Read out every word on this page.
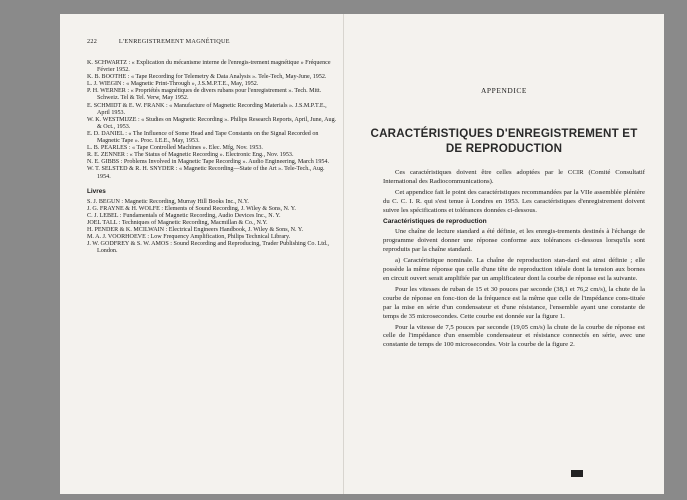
222	L'ENREGISTREMENT MAGNÉTIQUE
K. SCHWARTZ : « Explication du mécanisme interne de l'enregis-trement magnétique » Fréquence Février 1952.
K. B. BOOTHE : « Tape Recording for Telemetry & Data Analysis ». Tele-Tech, May-June, 1952.
L. J. WIEGIN : « Magnetic Print-Through », J.S.M.P.T.E., May, 1952.
P. H. WERNER : « Propriétés magnétiques de divers rubans pour l'enregistrement ». Tech. Mitt. Schweiz. Tel & Tel. Verw, May 1952.
E. SCHMIDT & E. W. FRANK : « Manufacture of Magnetic Recording Materials ». J.S.M.P.T.E., April 1953.
W. K. WESTMIJZE : « Studies on Magnetic Recording ». Philips Research Reports, April, June, Aug. & Oct., 1953.
E. D. DANIEL : « The Influence of Some Head and Tape Constants on the Signal Recorded on Magnetic Tape ». Proc. I.E.E., May, 1953.
L. B. PEARLES : « Tape Controlled Machines ». Elec. Mfg, Nov. 1953.
R. E. ZENNER : « The Status of Magnetic Recording ». Electronic Eng., Nov. 1953.
N. E. GIBBS : Problems Involved in Magnetic Tape Recording ». Audio Engineering, March 1954.
W. T. SELSTED & R. H. SNYDER : « Magnetic Recording—State of the Art ». Tele-Tech., Aug. 1954.
Livres
S. J. BEGUN : Magnetic Recording, Murray Hill Books Inc., N.Y.
J. G. FRAYNE & H. WOLFE : Elements of Sound Recording, J. Wiley & Sons, N. Y.
C. J. LEBEL : Fundamentals of Magnetic Recording, Audio Devices Inc., N. Y.
JOEL TALL : Techniques of Magnetic Recording, Macmillan & Co., N.Y.
H. PENDER & K. MCILWAIN : Electrical Engineers Handbook, J. Wiley & Sons, N. Y.
M. A. J. VOORHOEVE : Low Frequency Amplification, Philips Technical Library.
J. W. GODFREY & S. W. AMOS : Sound Recording and Reproducing, Trader Publishing Co. Ltd., London.
APPENDICE
CARACTÉRISTIQUES D'ENREGISTREMENT ET DE REPRODUCTION

Ces caractéristiques doivent être celles adoptées par le CCIR (Comité Consultatif International des Radiocommunications).

Cet appendice fait le point des caractéristiques recommandées par la VIIe assemblée plénière du C. C. I. R. qui s'est tenue à Londres en 1953. Les caractéristiques d'enregistrement doivent suivre les spécifications et tolérances données ci-dessous.

Caractéristiques de reproduction

Une chaîne de lecture standard a été définie, et les enregis-trements destinés à l'échange de programme doivent donner une réponse conforme aux tolérances ci-dessous lorsqu'ils sont reproduits par la chaîne standard.

a) Caractéristique nominale. La chaîne de reproduction stan-dard est ainsi définie ; elle possède la même réponse que celle d'une tête de reproduction idéale dont la tension aux bornes en circuit ouvert serait amplifiée par un amplificateur dont la courbe de réponse est la suivante.

Pour les vitesses de ruban de 15 et 30 pouces par seconde (38,1 et 76,2 cm/s), la chute de la courbe de réponse en fonc-tion de la fréquence est la même que celle de l'impédance cons-tituée par la mise en série d'un condensateur et d'une résistance, l'ensemble ayant une constante de temps de 35 microsecondes. Cette courbe est donnée sur la figure 1.

Pour la vitesse de 7,5 pouces par seconde (19,05 cm/s) la chute de la courbe de réponse est celle de l'impédance d'un ensemble condensateur et résistance connectés en série, avec une constante de temps de 100 microsecondes. Voir la courbe de la figure 2.
